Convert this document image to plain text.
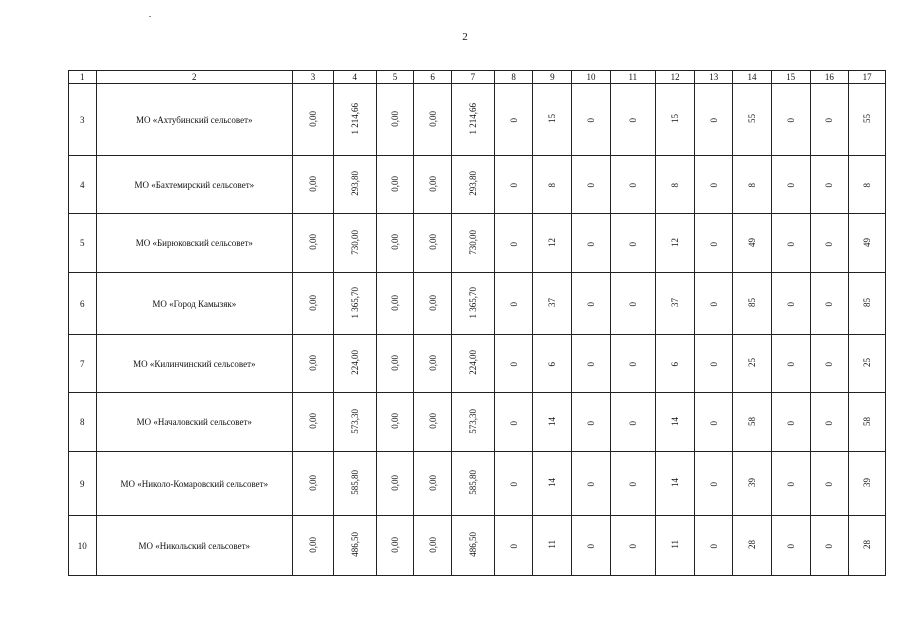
2
1	2	3	4	5	6	7	8	9	10	11	12	13	14	15	16	17
3	МО «Ахтубинский сельсовет»	0,00	1 214,66	0,00	0,00	1 214,66	0	15	0	0	15	0	55	0	0	55
4	МО «Бахтемирский сельсовет»	0,00	293,80	0,00	0,00	293,80	0	8	0	0	8	0	8	0	0	8
5	МО «Бирюковский сельсовет»	0,00	730,00	0,00	0,00	730,00	0	12	0	0	12	0	49	0	0	49
6	МО «Город Камызяк»	0,00	1 365,70	0,00	0,00	1 365,70	0	37	0	0	37	0	85	0	0	85
7	МО «Килинчинский сельсовет»	0,00	224,00	0,00	0,00	224,00	0	6	0	0	6	0	25	0	0	25
8	МО «Началовский сельсовет»	0,00	573,30	0,00	0,00	573,30	0	14	0	0	14	0	58	0	0	58
9	МО «Николо-Комаровский сельсовет»	0,00	585,80	0,00	0,00	585,80	0	14	0	0	14	0	39	0	0	39
10	МО «Никольский сельсовет»	0,00	486,50	0,00	0,00	486,50	0	11	0	0	11	0	28	0	0	28
